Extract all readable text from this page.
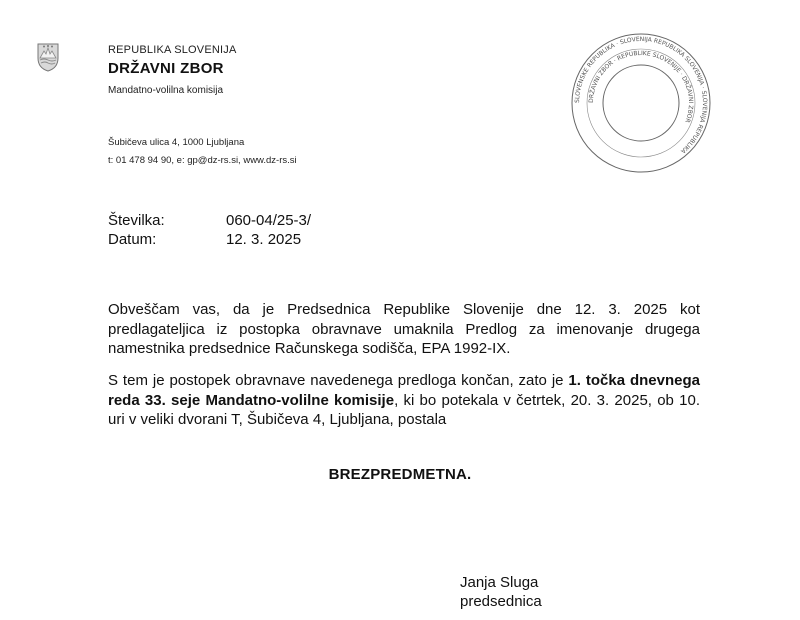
REPUBLIKA SLOVENIJA
DRŽAVNI ZBOR
Mandatno-volilna komisija
Šubičeva ulica 4, 1000 Ljubljana
t: 01 478 94 90, e: gp@dz-rs.si, www.dz-rs.si
SLOVENSKE REPUBLIKA · SLOVENIJA REPUBLIKA SLOVENIJA · SLOVENIJA REPUBLIKA
DRŽAVNI ZBOR · REPUBLIKE SLOVENIJE · DRŽAVNI ZBOR
Številka:	060-04/25-3/
Datum:	12. 3. 2025
Obveščam vas, da je Predsednica Republike Slovenije dne 12. 3. 2025 kot predlagateljica iz postopka obravnave umaknila Predlog za imenovanje drugega namestnika predsednice Računskega sodišča, EPA 1992-IX.
S tem je postopek obravnave navedenega predloga končan, zato je 1. točka dnevnega reda 33. seje Mandatno-volilne komisije, ki bo potekala v četrtek, 20. 3. 2025, ob 10. uri v veliki dvorani T, Šubičeva 4, Ljubljana, postala
BREZPREDMETNA.
Janja Sluga
predsednica
